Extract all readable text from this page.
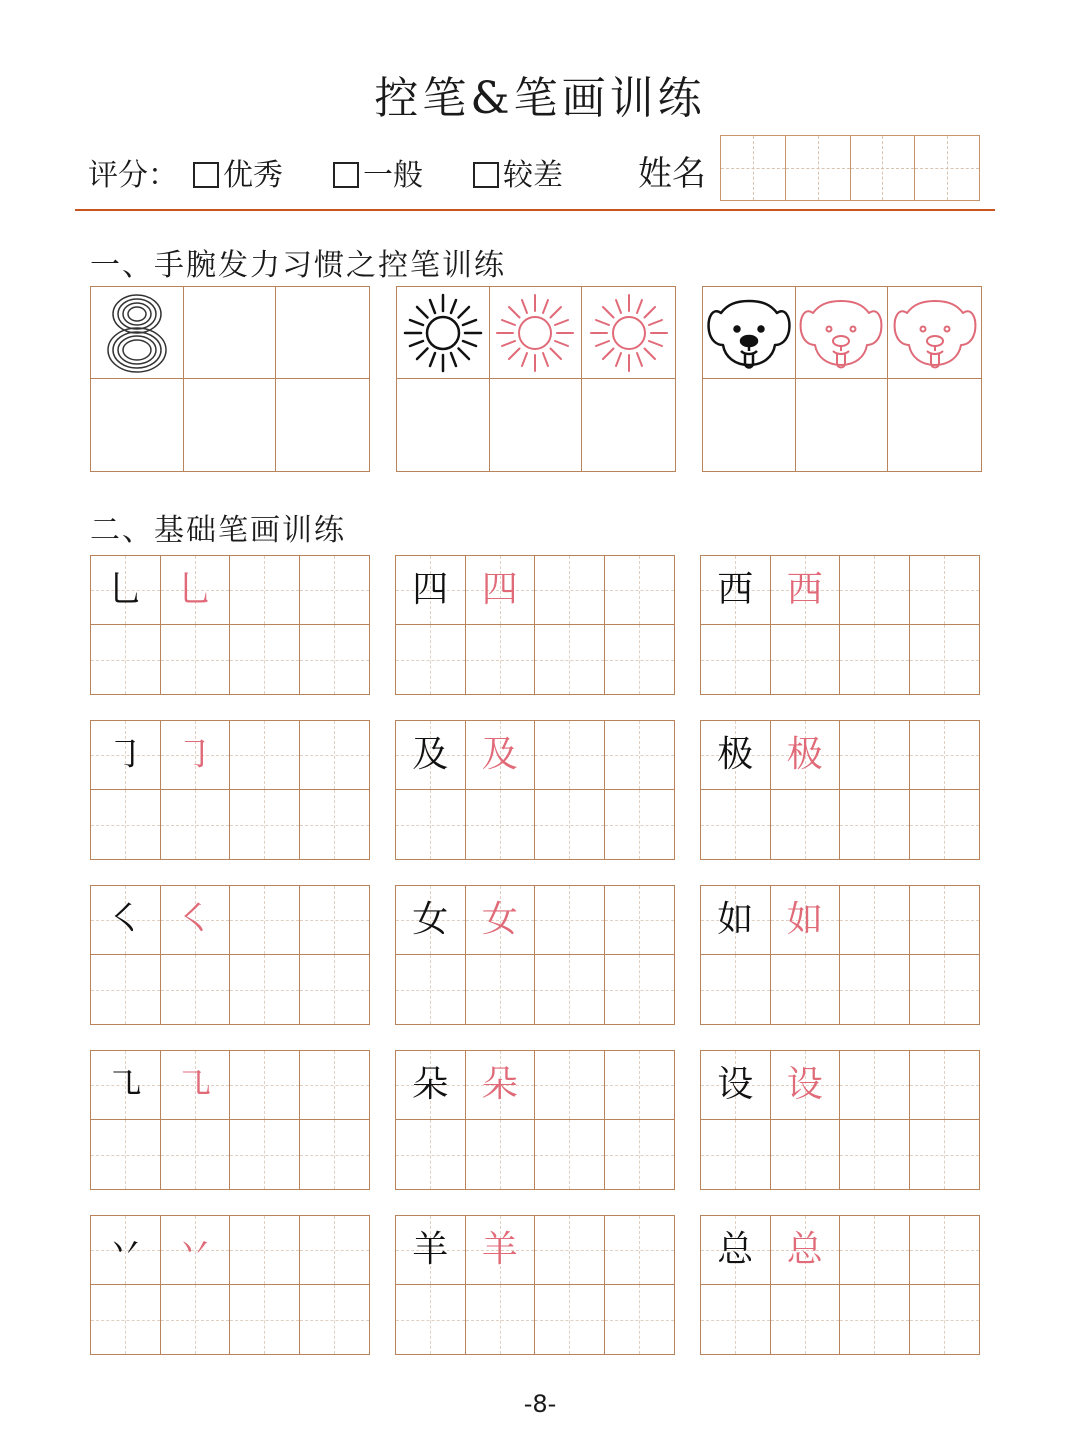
控笔&笔画训练
评分：	优秀	一般	较差 姓名
一、手腕发力习惯之控笔训练
二、基础笔画训练
乚 乚	四 四	西 西
㇆ ㇆	及 及	极 极
㇛ ㇛	女 女	如 如
㇈ ㇈	朵 朵	设 设
丷 丷	羊 羊	总 总
-8-
